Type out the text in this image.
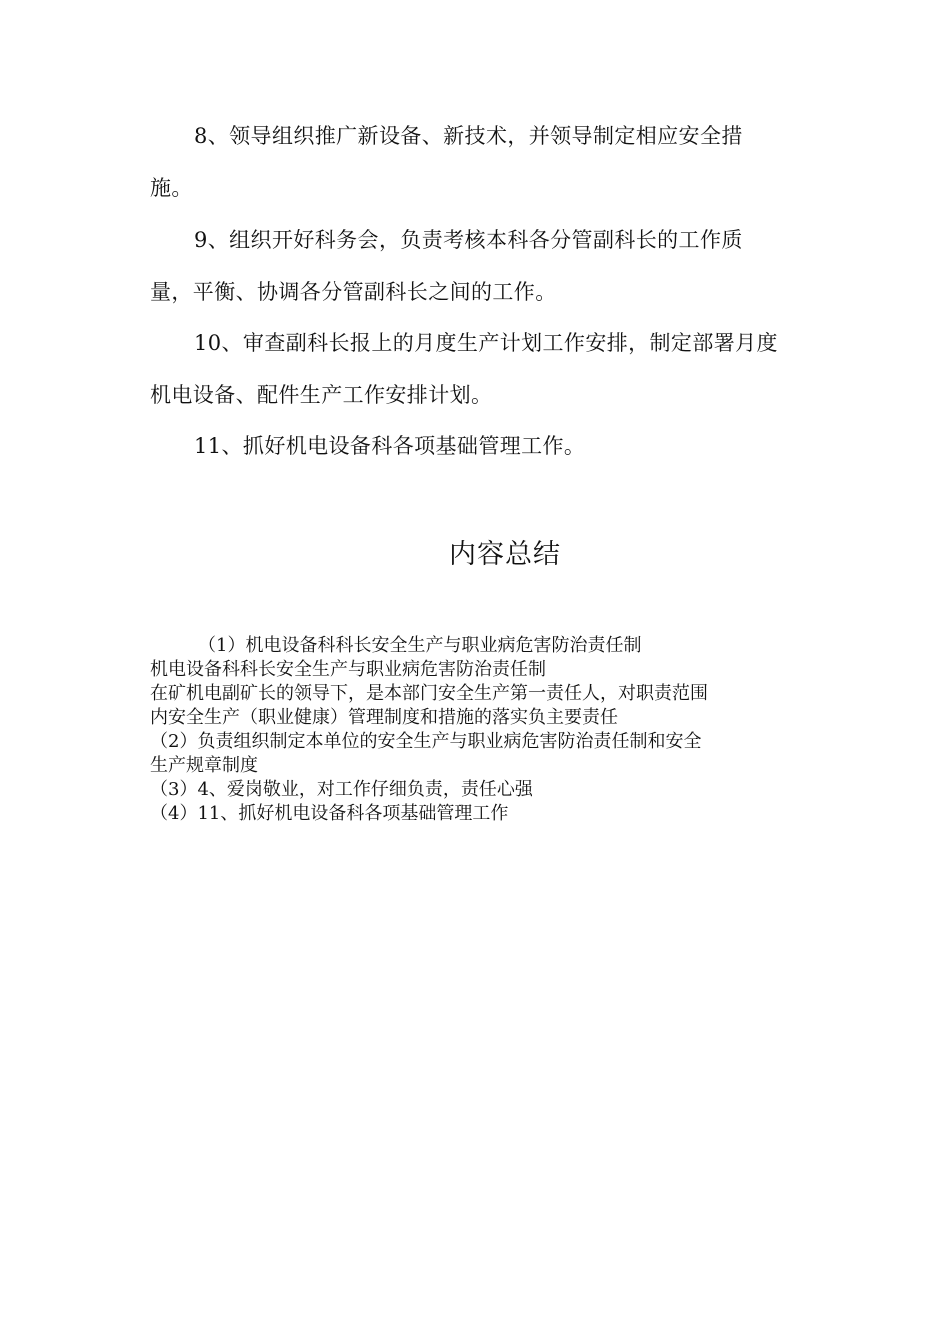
8、领导组织推广新设备、新技术，并领导制定相应安全措
施。

9、组织开好科务会，负责考核本科各分管副科长的工作质
量，平衡、协调各分管副科长之间的工作。

10、审查副科长报上的月度生产计划工作安排，制定部署月度
机电设备、配件生产工作安排计划。

11、抓好机电设备科各项基础管理工作。

内容总结
（1）机电设备科科长安全生产与职业病危害防治责任制
机电设备科科长安全生产与职业病危害防治责任制
在矿机电副矿长的领导下，是本部门安全生产第一责任人，对职责范围
内安全生产（职业健康）管理制度和措施的落实负主要责任
（2）负责组织制定本单位的安全生产与职业病危害防治责任制和安全
生产规章制度
（3）4、爱岗敬业，对工作仔细负责，责任心强
（4）11、抓好机电设备科各项基础管理工作
